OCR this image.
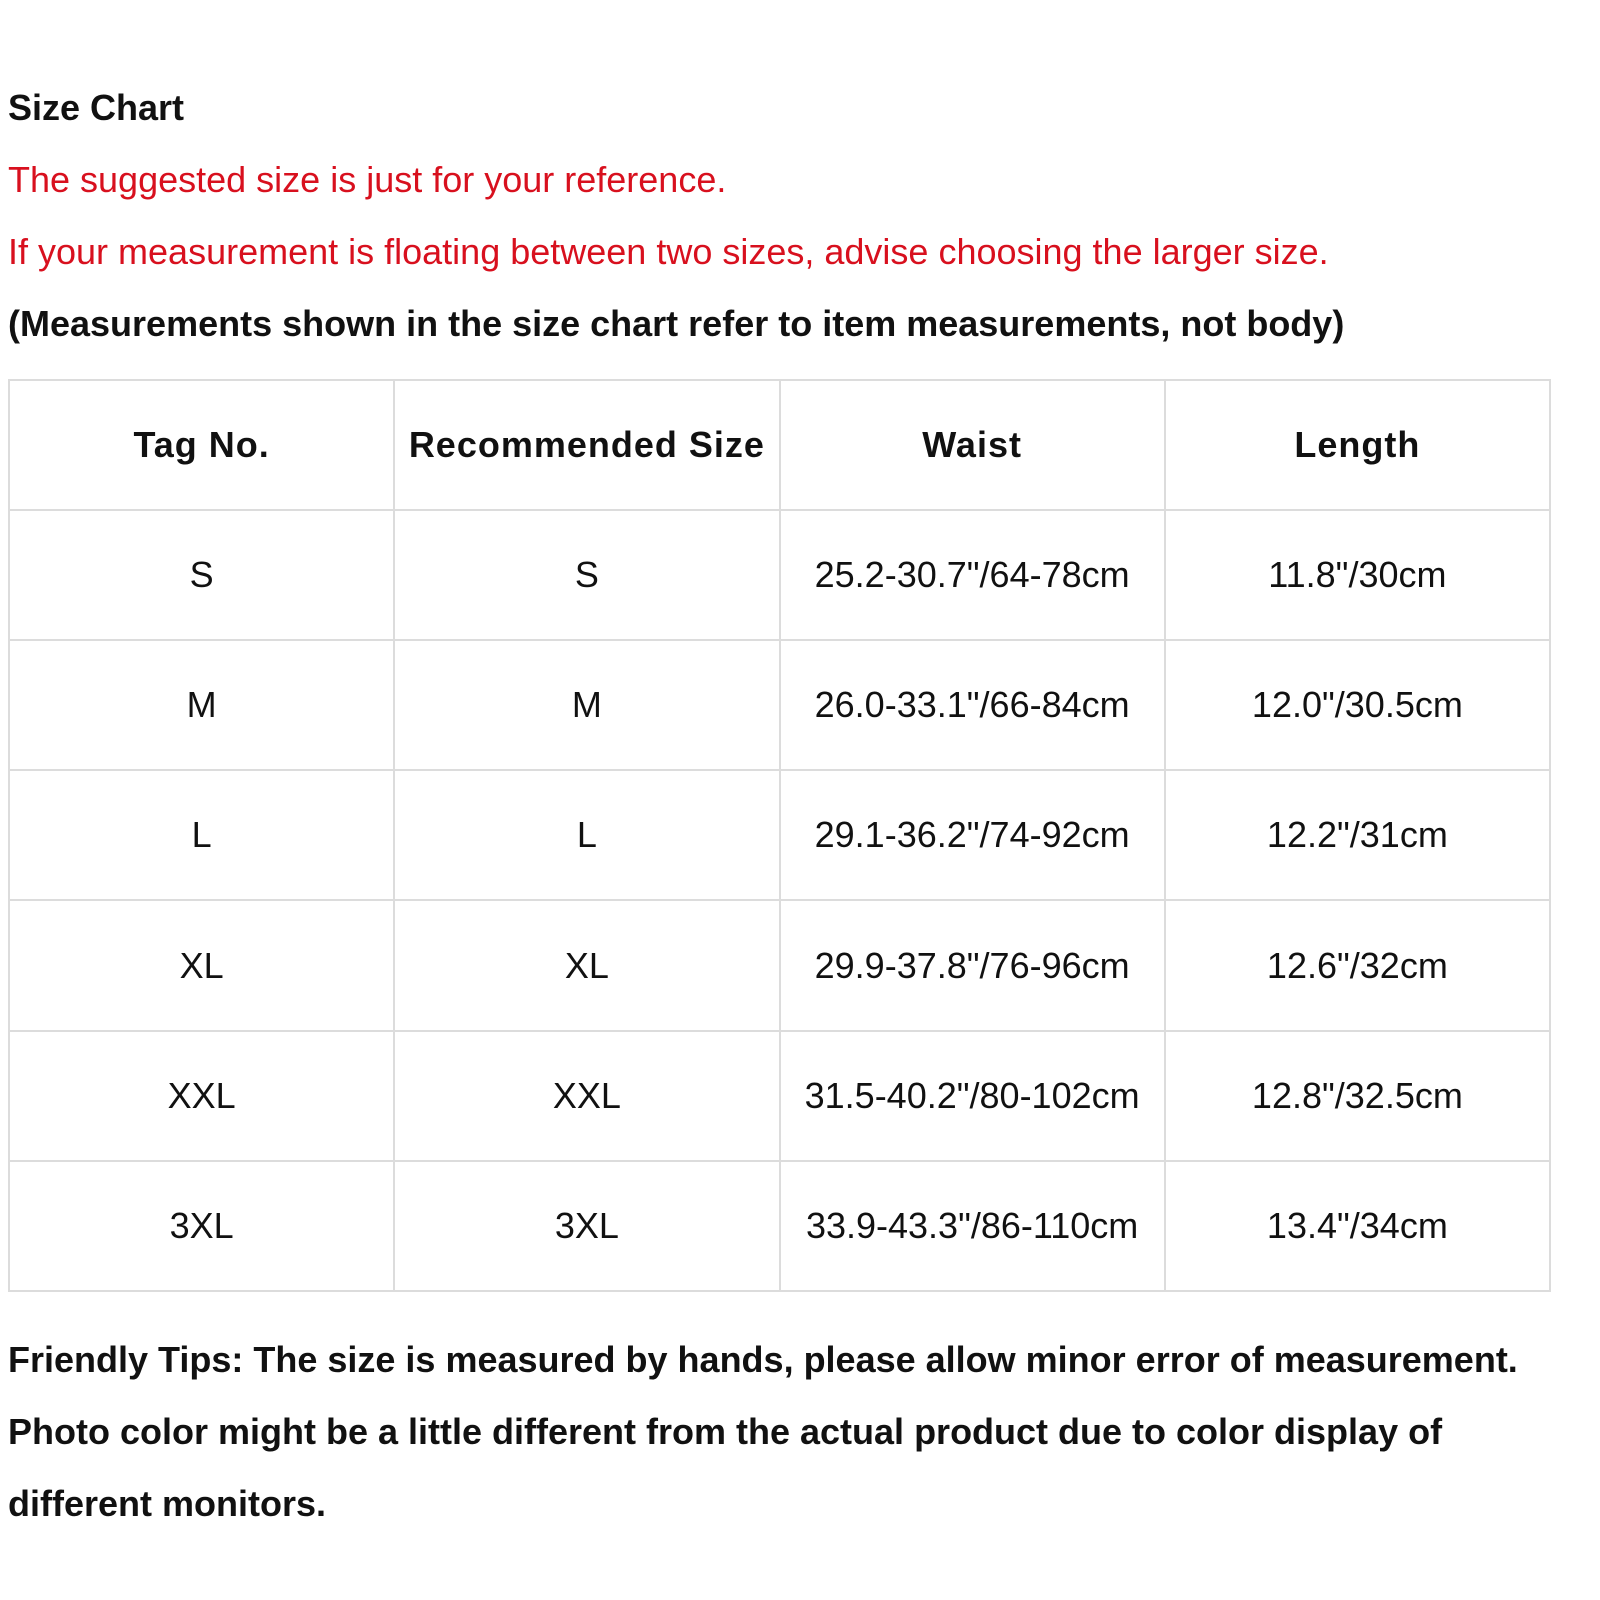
Size Chart
The suggested size is just for your reference.
If your measurement is floating between two sizes, advise choosing the larger size.
(Measurements shown in the size chart refer to item measurements, not body)
Tag No.	Recommended Size	Waist	Length
S	S	25.2-30.7"/64-78cm	11.8"/30cm
M	M	26.0-33.1"/66-84cm	12.0"/30.5cm
L	L	29.1-36.2"/74-92cm	12.2"/31cm
XL	XL	29.9-37.8"/76-96cm	12.6"/32cm
XXL	XXL	31.5-40.2"/80-102cm	12.8"/32.5cm
3XL	3XL	33.9-43.3"/86-110cm	13.4"/34cm
Friendly Tips: The size is measured by hands, please allow minor error of measurement.
Photo color might be a little different from the actual product due to color display of
different monitors.
